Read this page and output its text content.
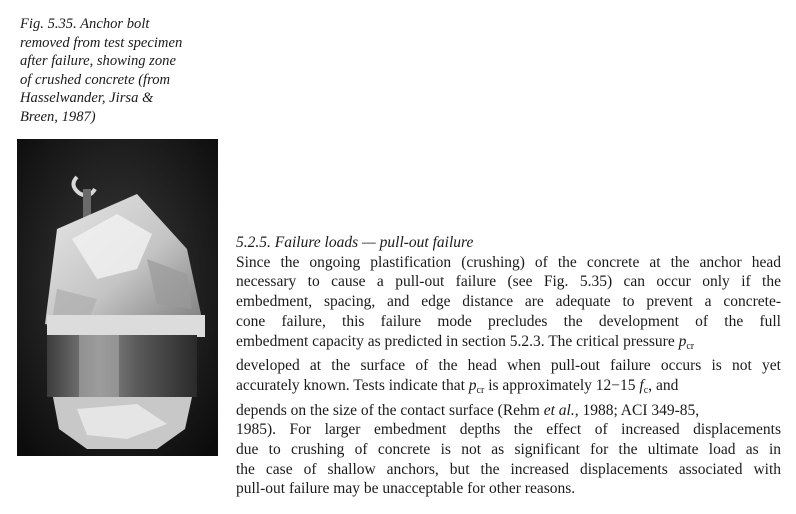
Fig. 5.35. Anchor bolt
removed from test specimen
after failure, showing zone
of crushed concrete (from
Hasselwander, Jirsa &
Breen, 1987)
5.2.5. Failure loads — pull-out failure
Since the ongoing plastification (crushing) of the concrete at the anchor head
necessary to cause a pull-out failure (see Fig. 5.35) can occur only if the
embedment, spacing, and edge distance are adequate to prevent a concrete-
cone failure, this failure mode precludes the development of the full
embedment capacity as predicted in section 5.2.3. The critical pressure $p_{cr}$
developed at the surface of the head when pull-out failure occurs is not yet
accurately known. Tests indicate that $p_{cr}$ is approximately 12−15 $f_c$, and
depends on the size of the contact surface (Rehm et al., 1988; ACI 349-85,
1985). For larger embedment depths the effect of increased displacements
due to crushing of concrete is not as significant for the ultimate load as in
the case of shallow anchors, but the increased displacements associated with
pull-out failure may be unacceptable for other reasons.
